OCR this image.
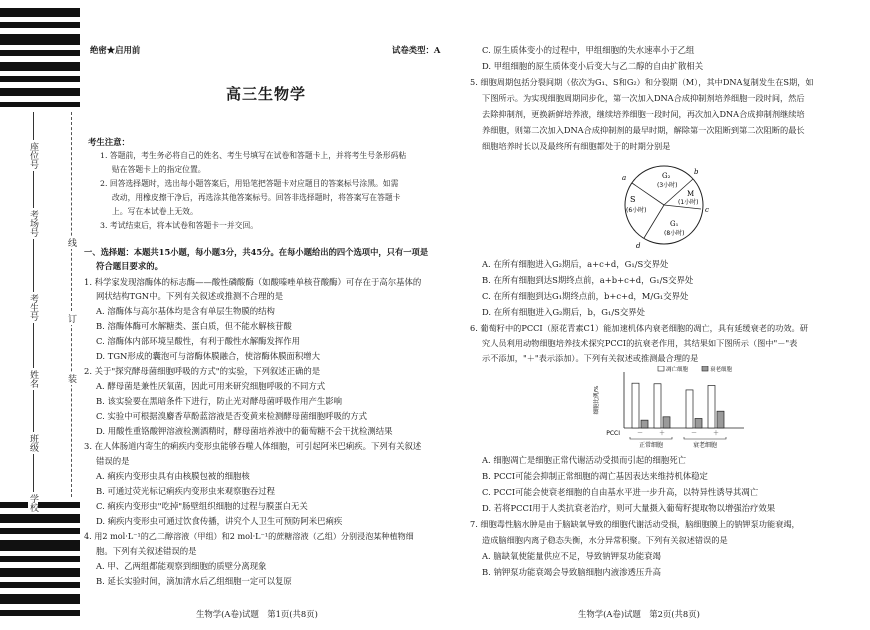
座位号
考场号
考生号
姓名
班级
学校
线
订
装
绝密★启用前	试卷类型：A
高三生物学
考生注意：
1. 答题前，考生务必将自己的姓名、考生号填写在试卷和答题卡上，并将考生号条形码粘
贴在答题卡上的指定位置。
2. 回答选择题时，选出每小题答案后，用铅笔把答题卡对应题目的答案标号涂黑。如需
改动，用橡皮擦干净后，再选涂其他答案标号。回答非选择题时，将答案写在答题卡
上。写在本试卷上无效。
3. 考试结束后，将本试卷和答题卡一并交回。
一、选择题：本题共15小题，每小题3分，共45分。在每小题给出的四个选项中，只有一项是
符合题目要求的。
1. 科学家发现溶酶体的标志酶——酸性磷酸酶（如酸嗪唑单核苷酸酶）可存在于高尔基体的
网状结构TGN中。下列有关叙述或推测不合理的是
A. 溶酶体与高尔基体均是含有单层生物膜的结构
B. 溶酶体酶可水解糖类、蛋白质，但不能水解核苷酸
C. 溶酶体内部环境呈酸性，有利于酸性水解酶发挥作用
D. TGN形成的囊泡可与溶酶体膜融合，使溶酶体膜面积增大
2. 关于"探究酵母菌细胞呼吸的方式"的实验，下列叙述正确的是
A. 酵母菌是兼性厌氧菌，因此可用来研究细胞呼吸的不同方式
B. 该实验要在黑暗条件下进行，防止光对酵母菌呼吸作用产生影响
C. 实验中可根据溴麝香草酚蓝溶液是否变黄来检测酵母菌细胞呼吸的方式
D. 用酸性重铬酸钾溶液检测酒精时，酵母菌培养液中的葡萄糖不会干扰检测结果
3. 在人体肠道内寄生的痢疾内变形虫能够吞噬人体细胞，可引起阿米巴痢疾。下列有关叙述
错误的是
A. 痢疾内变形虫具有由核膜包被的细胞核
B. 可通过荧光标记痢疾内变形虫来观察胞吞过程
C. 痢疾内变形虫"吃掉"肠壁组织细胞的过程与膜蛋白无关
D. 痢疾内变形虫可通过饮食传播，讲究个人卫生可预防阿米巴痢疾
4. 用2 mol·L⁻¹的乙二醇溶液（甲组）和2 mol·L⁻¹的蔗糖溶液（乙组）分别浸泡某种植物细
胞。下列有关叙述错误的是
A. 甲、乙两组都能观察到细胞的质壁分离现象
B. 延长实验时间，滴加清水后乙组细胞一定可以复原
生物学(A卷)试题　第1页(共8页)
C. 原生质体变小的过程中，甲组细胞的失水速率小于乙组
D. 甲组细胞的原生质体变小后变大与乙二醇的自由扩散相关
5. 细胞周期包括分裂间期（依次为G₁、S和G₂）和分裂期（M），其中DNA复制发生在S期，如
下图所示。为实现细胞周期同步化，第一次加入DNA合成抑制剂培养细胞一段时间，然后
去除抑制剂，更换新鲜培养液，继续培养细胞一段时间，再次加入DNA合成抑制剂继续培
养细胞，则第二次加入DNA合成抑制剂的最早时期，解除第一次阻断到第二次阻断的最长
细胞培养时长以及最终所有细胞都处于的时期分别是
S
(6小时)
G₂
(3小时)
M
(1小时)
G₁
(8小时)
a
b
c
d
A. 在所有细胞进入G₂期后，a+c+d，G₁/S交界处
B. 在所有细胞到达S期终点前，a+b+c+d，G₁/S交界处
C. 在所有细胞到达G₁期终点前，b+c+d，M/G₁交界处
D. 在所有细胞进入G₂期后，b，G₁/S交界处
6. 葡萄籽中的PCCI（原花青素C1）能加速机体内衰老细胞的凋亡，具有延缓衰老的功效。研
究人员利用动物细胞培养技术探究PCCI的抗衰老作用，其结果如下图所示（图中"－"表
示不添加，"＋"表示添加）。下列有关叙述或推测最合理的是
细胞比例/%
－	＋	－	＋
正常细胞	衰老细胞
PCCI
凋亡细胞	衰老细胞
A. 细胞凋亡是细胞正常代谢活动受损而引起的细胞死亡
B. PCCI可能会抑制正常细胞的凋亡基因表达来维持机体稳定
C. PCCI可能会使衰老细胞的自由基水平进一步升高，以特异性诱导其凋亡
D. 若将PCCI用于人类抗衰老治疗，则可大量摄入葡萄籽提取物以增强治疗效果
7. 细胞毒性脑水肿是由于脑缺氧导致的细胞代谢活动受损，脑细胞膜上的钠钾泵功能衰竭，
造成脑细胞内离子稳态失衡，水分异常积聚。下列有关叙述错误的是
A. 脑缺氧使能量供应不足，导致钠钾泵功能衰竭
B. 钠钾泵功能衰竭会导致脑细胞内液渗透压升高
生物学(A卷)试题　第2页(共8页)
